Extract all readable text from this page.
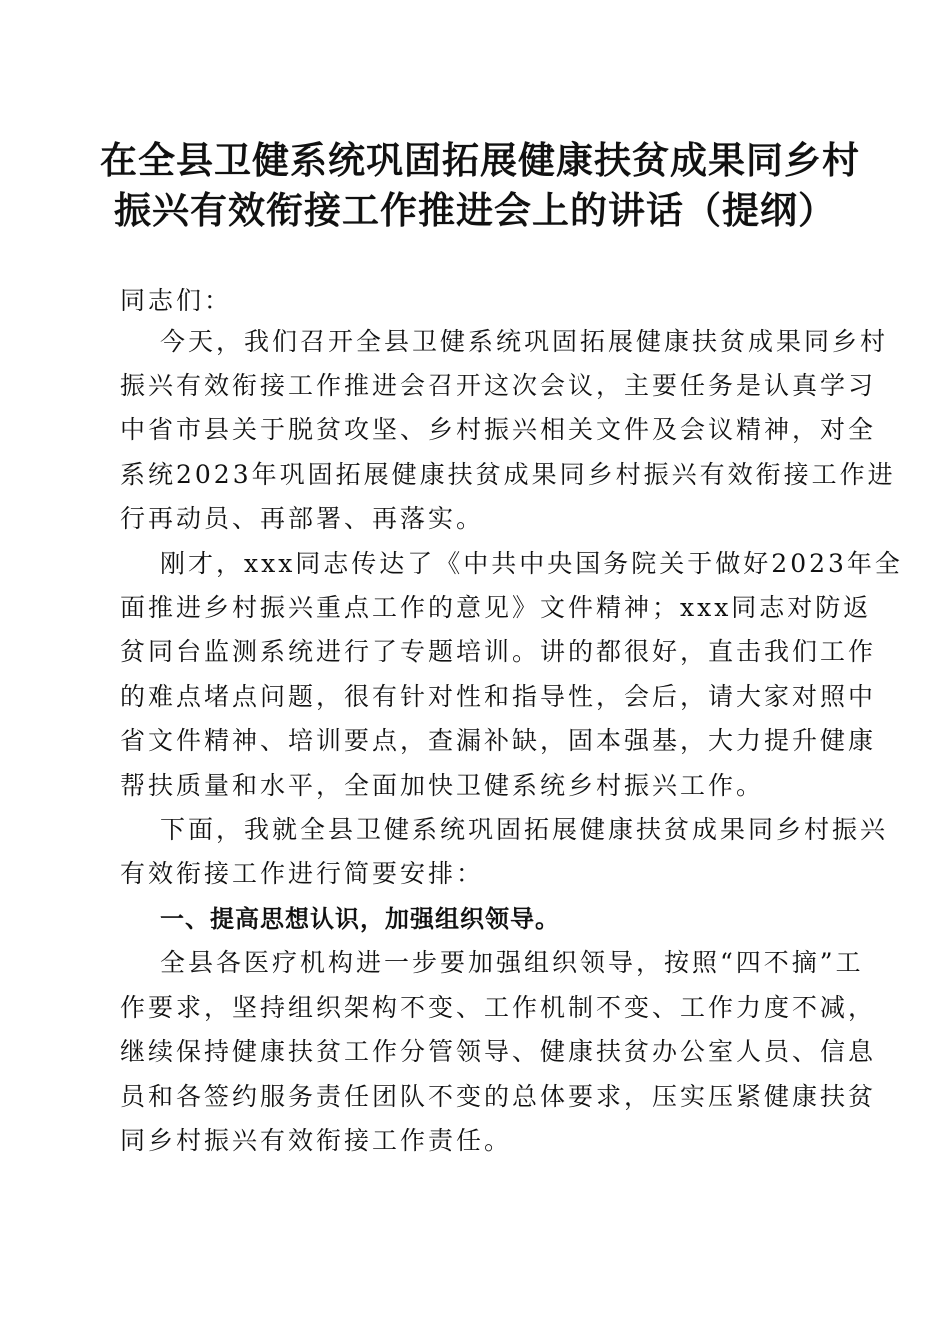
在全县卫健系统巩固拓展健康扶贫成果同乡村
振兴有效衔接工作推进会上的讲话（提纲）
同志们：
今天，我们召开全县卫健系统巩固拓展健康扶贫成果同乡村
振兴有效衔接工作推进会召开这次会议，主要任务是认真学习
中省市县关于脱贫攻坚、乡村振兴相关文件及会议精神，对全
系统2023年巩固拓展健康扶贫成果同乡村振兴有效衔接工作进
行再动员、再部署、再落实。
刚才，xxx同志传达了《中共中央国务院关于做好2023年全
面推进乡村振兴重点工作的意见》文件精神；xxx同志对防返
贫同台监测系统进行了专题培训。讲的都很好，直击我们工作
的难点堵点问题，很有针对性和指导性，会后，请大家对照中
省文件精神、培训要点，查漏补缺，固本强基，大力提升健康
帮扶质量和水平，全面加快卫健系统乡村振兴工作。
下面，我就全县卫健系统巩固拓展健康扶贫成果同乡村振兴
有效衔接工作进行简要安排：
一、提高思想认识，加强组织领导。
全县各医疗机构进一步要加强组织领导，按照“四不摘”工
作要求，坚持组织架构不变、工作机制不变、工作力度不减，
继续保持健康扶贫工作分管领导、健康扶贫办公室人员、信息
员和各签约服务责任团队不变的总体要求，压实压紧健康扶贫
同乡村振兴有效衔接工作责任。
